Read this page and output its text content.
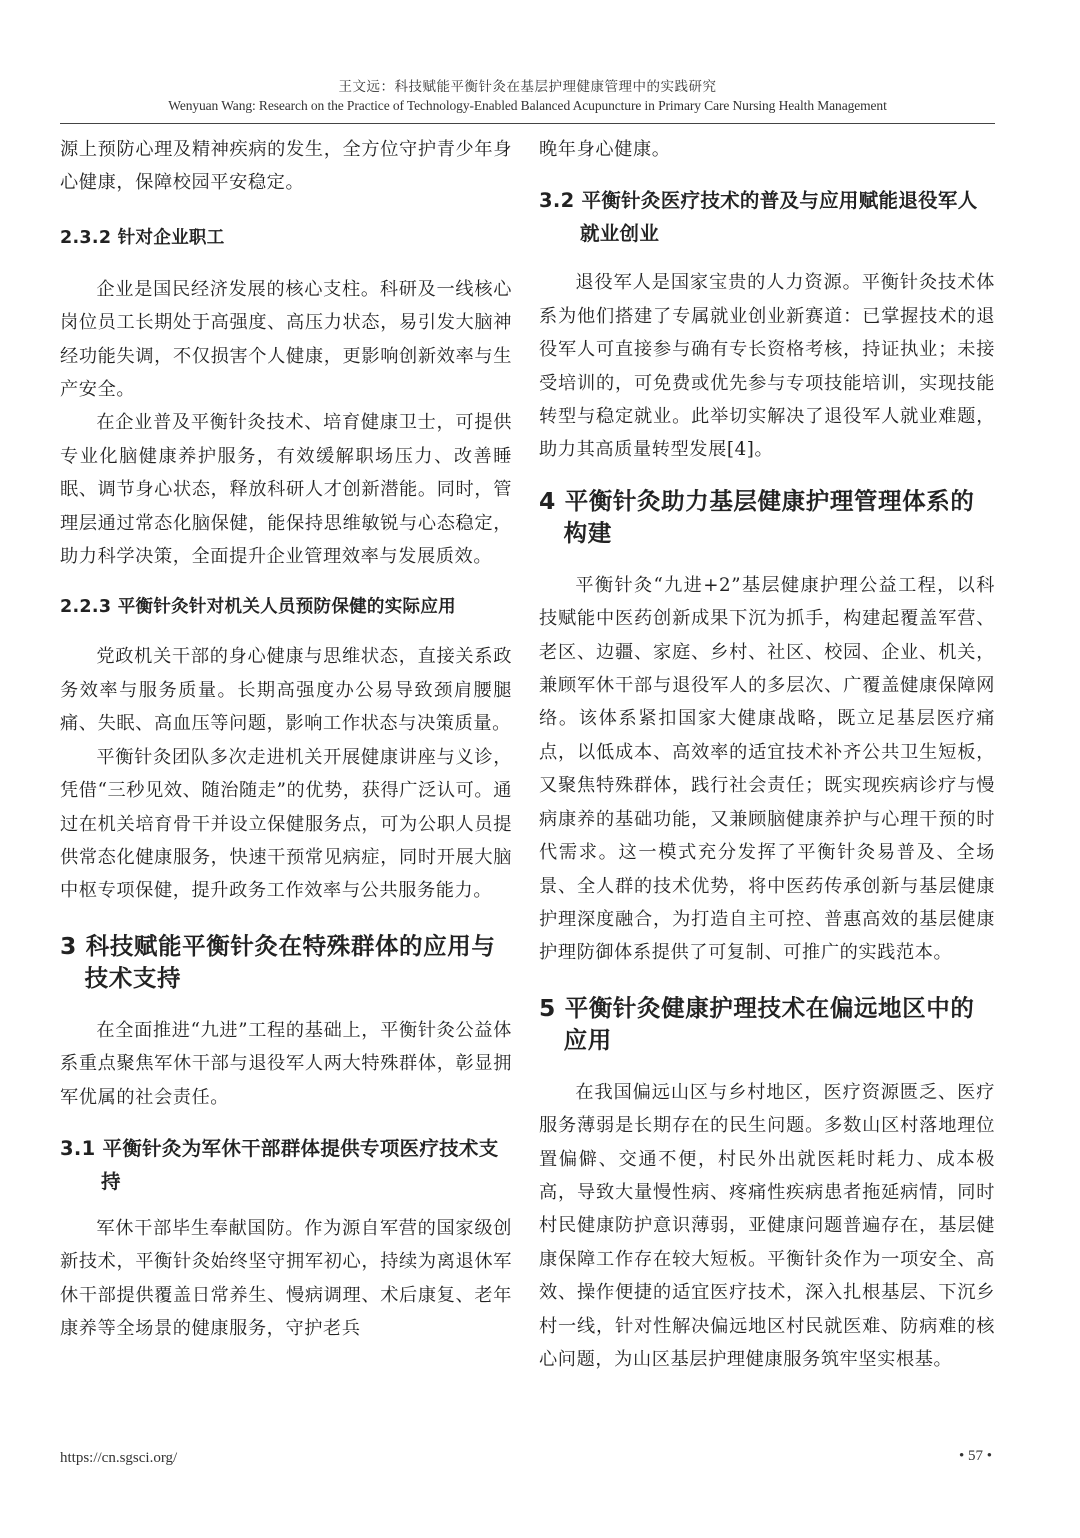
王文远：科技赋能平衡针灸在基层护理健康管理中的实践研究
Wenyuan Wang: Research on the Practice of Technology-Enabled Balanced Acupuncture in Primary Care Nursing Health Management

源上预防心理及精神疾病的发生，全方位守护青少年身心健康，保障校园平安稳定。

2.3.2 针对企业职工

企业是国民经济发展的核心支柱。科研及一线核心岗位员工长期处于高强度、高压力状态，易引发大脑神经功能失调，不仅损害个人健康，更影响创新效率与生产安全。

在企业普及平衡针灸技术、培育健康卫士，可提供专业化脑健康养护服务，有效缓解职场压力、改善睡眠、调节身心状态，释放科研人才创新潜能。同时，管理层通过常态化脑保健，能保持思维敏锐与心态稳定，助力科学决策，全面提升企业管理效率与发展质效。

2.2.3 平衡针灸针对机关人员预防保健的实际应用

党政机关干部的身心健康与思维状态，直接关系政务效率与服务质量。长期高强度办公易导致颈肩腰腿痛、失眠、高血压等问题，影响工作状态与决策质量。

平衡针灸团队多次走进机关开展健康讲座与义诊，凭借“三秒见效、随治随走”的优势，获得广泛认可。通过在机关培育骨干并设立保健服务点，可为公职人员提供常态化健康服务，快速干预常见病症，同时开展大脑中枢专项保健，提升政务工作效率与公共服务能力。

3 科技赋能平衡针灸在特殊群体的应用与技术支持

在全面推进“九进”工程的基础上，平衡针灸公益体系重点聚焦军休干部与退役军人两大特殊群体，彰显拥军优属的社会责任。

3.1 平衡针灸为军休干部群体提供专项医疗技术支持

军休干部毕生奉献国防。作为源自军营的国家级创新技术，平衡针灸始终坚守拥军初心，持续为离退休军休干部提供覆盖日常养生、慢病调理、术后康复、老年康养等全场景的健康服务，守护老兵

晚年身心健康。

3.2 平衡针灸医疗技术的普及与应用赋能退役军人就业创业

退役军人是国家宝贵的人力资源。平衡针灸技术体系为他们搭建了专属就业创业新赛道：已掌握技术的退役军人可直接参与确有专长资格考核，持证执业；未接受培训的，可免费或优先参与专项技能培训，实现技能转型与稳定就业。此举切实解决了退役军人就业难题，助力其高质量转型发展[4]。

4 平衡针灸助力基层健康护理管理体系的构建

平衡针灸“九进+2”基层健康护理公益工程，以科技赋能中医药创新成果下沉为抓手，构建起覆盖军营、老区、边疆、家庭、乡村、社区、校园、企业、机关，兼顾军休干部与退役军人的多层次、广覆盖健康保障网络。该体系紧扣国家大健康战略，既立足基层医疗痛点，以低成本、高效率的适宜技术补齐公共卫生短板，又聚焦特殊群体，践行社会责任；既实现疾病诊疗与慢病康养的基础功能，又兼顾脑健康养护与心理干预的时代需求。这一模式充分发挥了平衡针灸易普及、全场景、全人群的技术优势，将中医药传承创新与基层健康护理深度融合，为打造自主可控、普惠高效的基层健康护理防御体系提供了可复制、可推广的实践范本。

5 平衡针灸健康护理技术在偏远地区中的应用

在我国偏远山区与乡村地区，医疗资源匮乏、医疗服务薄弱是长期存在的民生问题。多数山区村落地理位置偏僻、交通不便，村民外出就医耗时耗力、成本极高，导致大量慢性病、疼痛性疾病患者拖延病情，同时村民健康防护意识薄弱，亚健康问题普遍存在，基层健康保障工作存在较大短板。平衡针灸作为一项安全、高效、操作便捷的适宜医疗技术，深入扎根基层、下沉乡村一线，针对性解决偏远地区村民就医难、防病难的核心问题，为山区基层护理健康服务筑牢坚实根基。

https://cn.sgsci.org/	• 57 •
